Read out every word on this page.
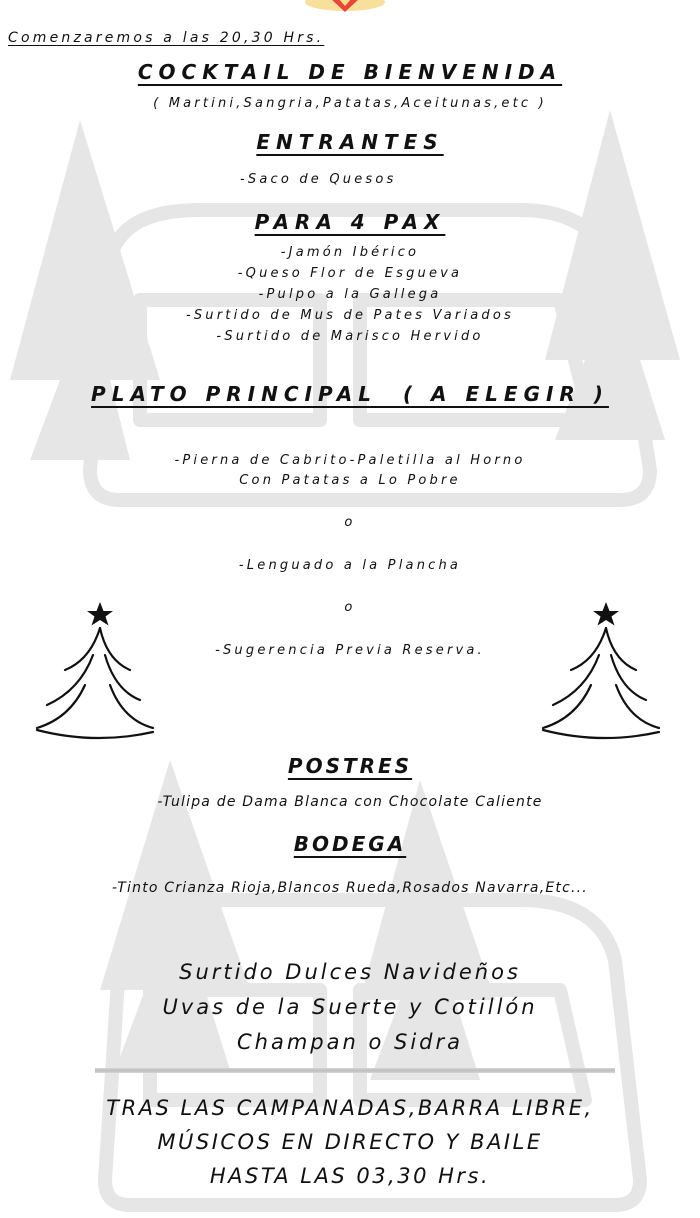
Comenzaremos a las 20,30 Hrs.
COCKTAIL DE BIENVENIDA
( Martini,Sangria,Patatas,Aceitunas,etc )
ENTRANTES
-Saco de Quesos
PARA 4 PAX
-Jamón Ibérico
-Queso Flor de Esgueva
-Pulpo a la Gallega
-Surtido de Mus de Pates Variados
-Surtido de Marisco Hervido
PLATO PRINCIPAL  ( A ELEGIR )
-Pierna de Cabrito-Paletilla al Horno
Con Patatas a Lo Pobre
o
-Lenguado a la Plancha
o
-Sugerencia Previa Reserva.
POSTRES
-Tulipa de Dama Blanca con Chocolate Caliente
BODEGA
-Tinto Crianza Rioja,Blancos Rueda,Rosados Navarra,Etc...
Surtido Dulces Navideños
Uvas de la Suerte y Cotillón
Champan o Sidra
TRAS LAS CAMPANADAS,BARRA LIBRE,
MÚSICOS EN DIRECTO Y BAILE
HASTA LAS 03,30 Hrs.
